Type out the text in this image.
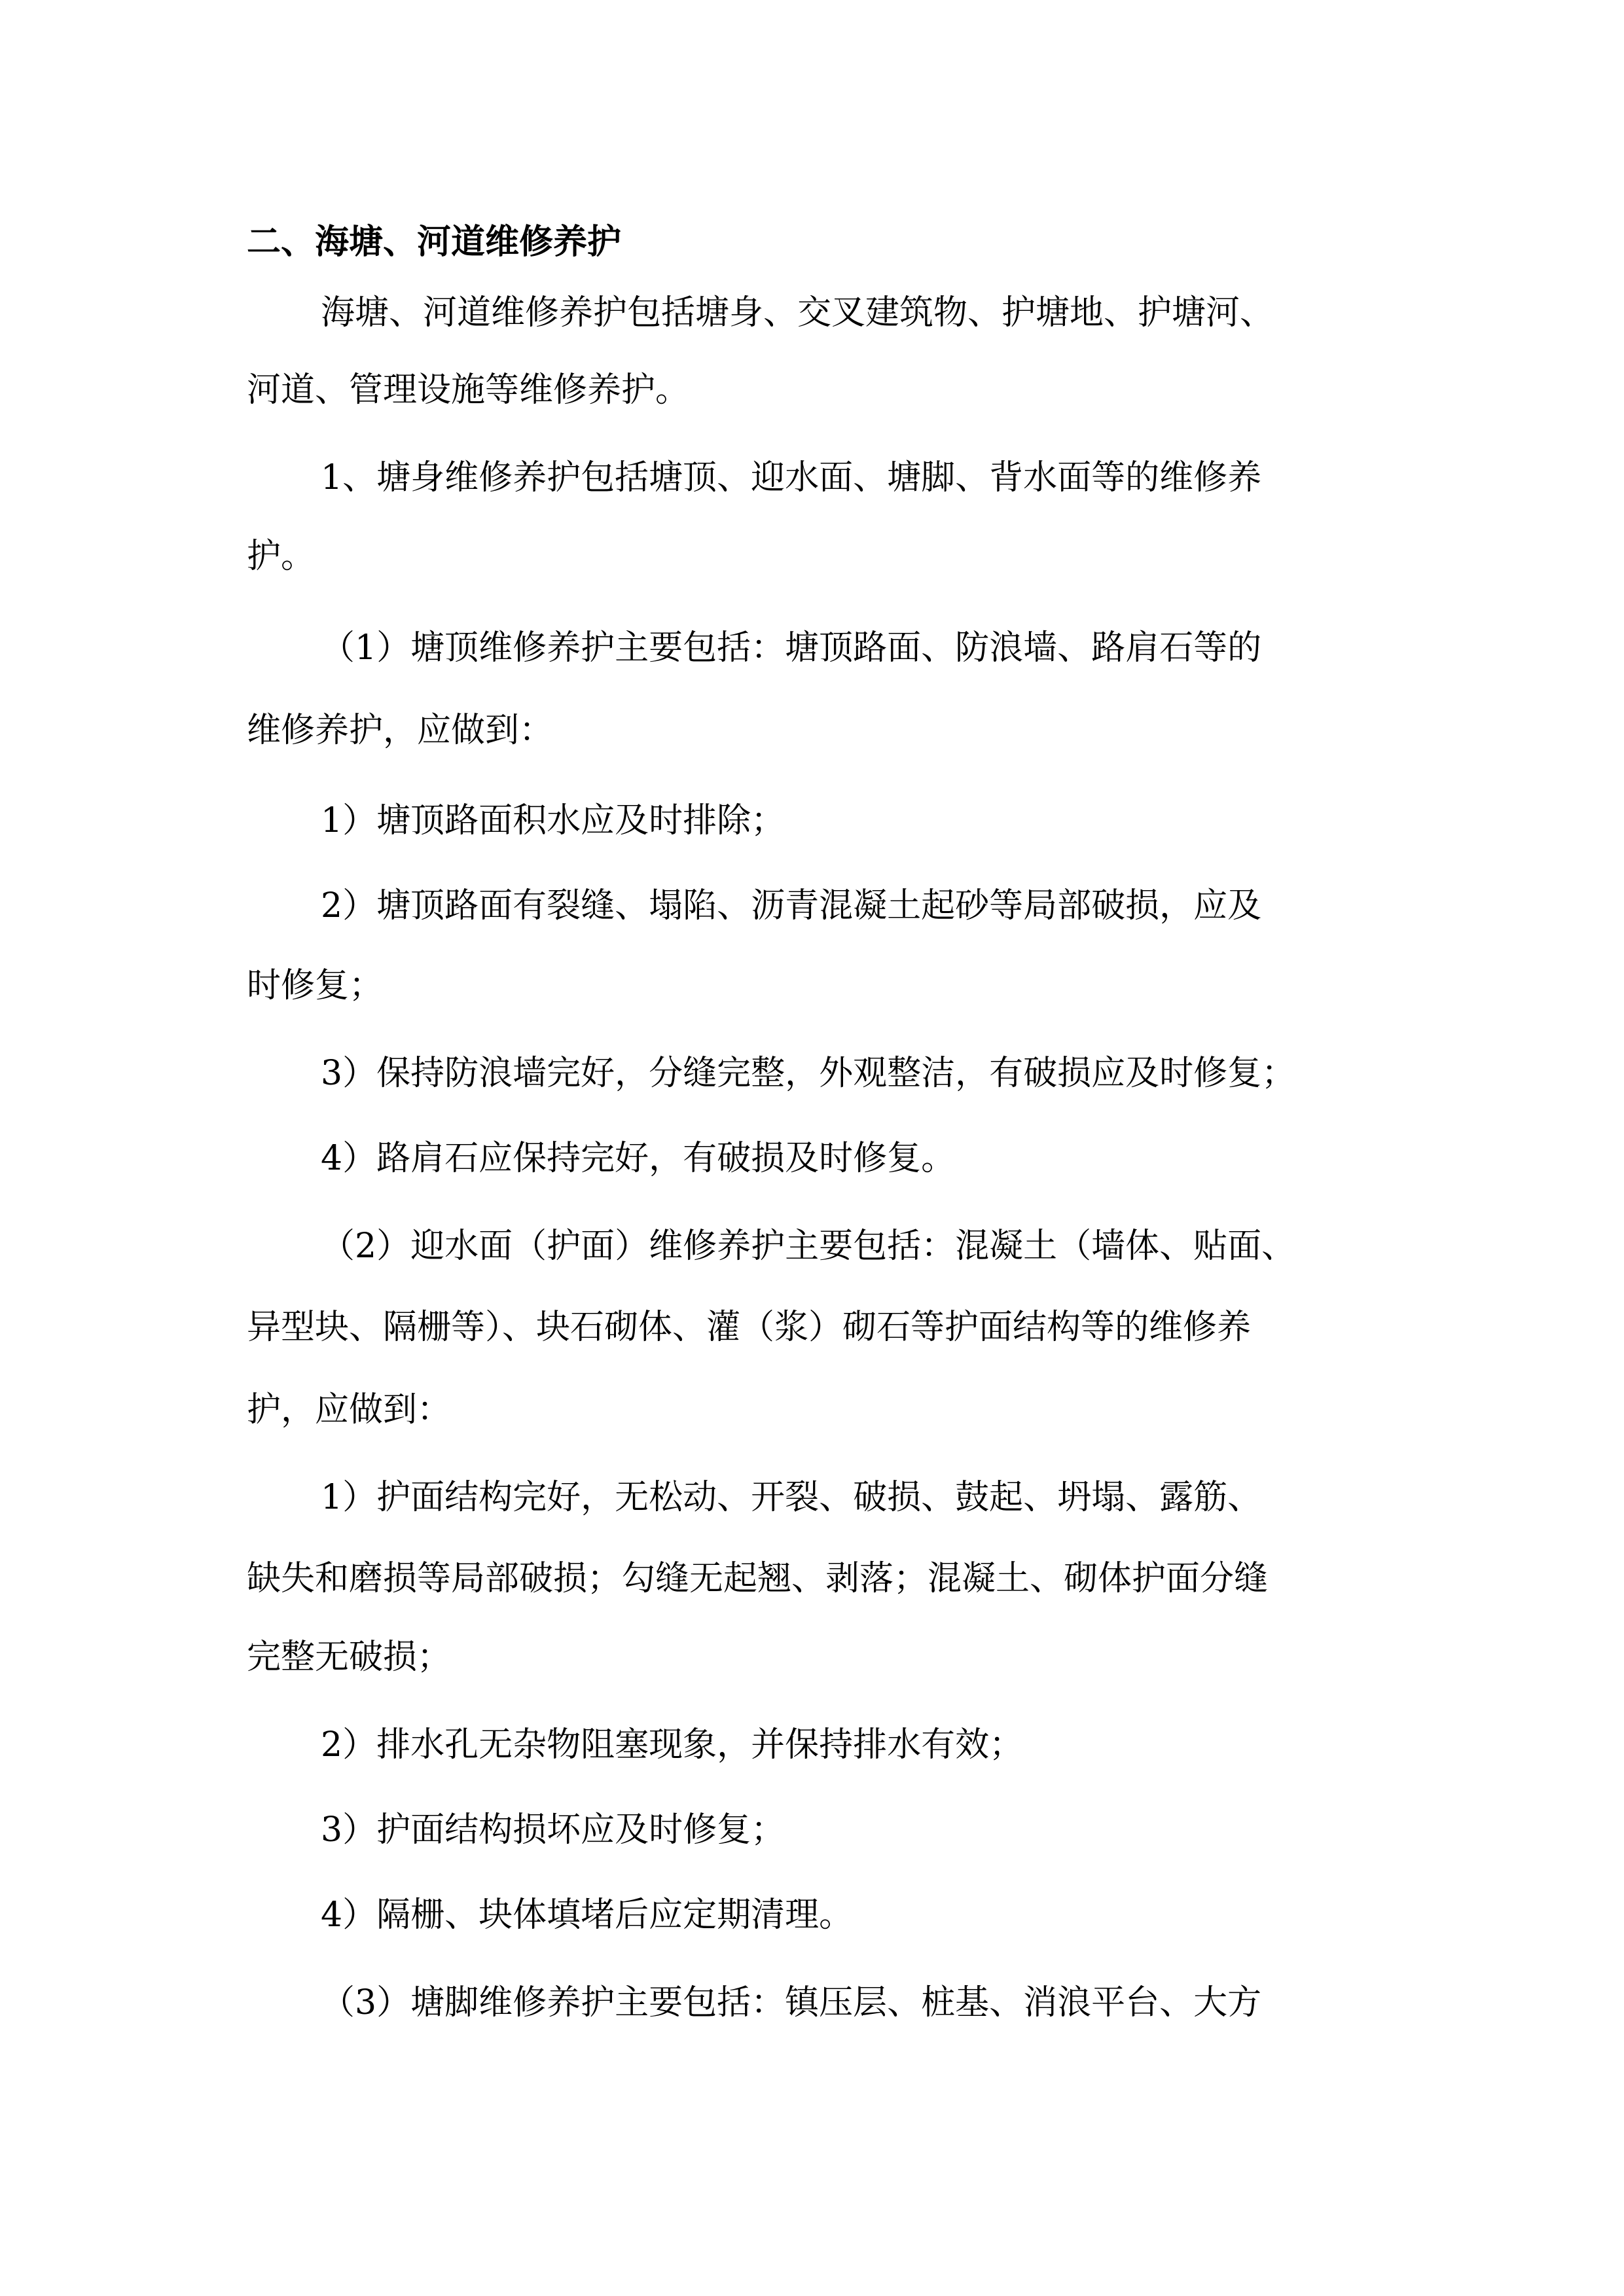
二、海塘、河道维修养护
海塘、河道维修养护包括塘身、交叉建筑物、护塘地、护塘河、
河道、管理设施等维修养护。
1、塘身维修养护包括塘顶、迎水面、塘脚、背水面等的维修养
护。
（1）塘顶维修养护主要包括：塘顶路面、防浪墙、路肩石等的
维修养护，应做到：
1）塘顶路面积水应及时排除；
2）塘顶路面有裂缝、塌陷、沥青混凝土起砂等局部破损，应及
时修复；
3）保持防浪墙完好，分缝完整，外观整洁，有破损应及时修复；
4）路肩石应保持完好，有破损及时修复。
（2）迎水面（护面）维修养护主要包括：混凝土（墙体、贴面、
异型块、隔栅等）、块石砌体、灌（浆）砌石等护面结构等的维修养
护，应做到：
1）护面结构完好，无松动、开裂、破损、鼓起、坍塌、露筋、
缺失和磨损等局部破损；勾缝无起翘、剥落；混凝土、砌体护面分缝
完整无破损；
2）排水孔无杂物阻塞现象，并保持排水有效；
3）护面结构损坏应及时修复；
4）隔栅、块体填堵后应定期清理。
（3）塘脚维修养护主要包括：镇压层、桩基、消浪平台、大方
